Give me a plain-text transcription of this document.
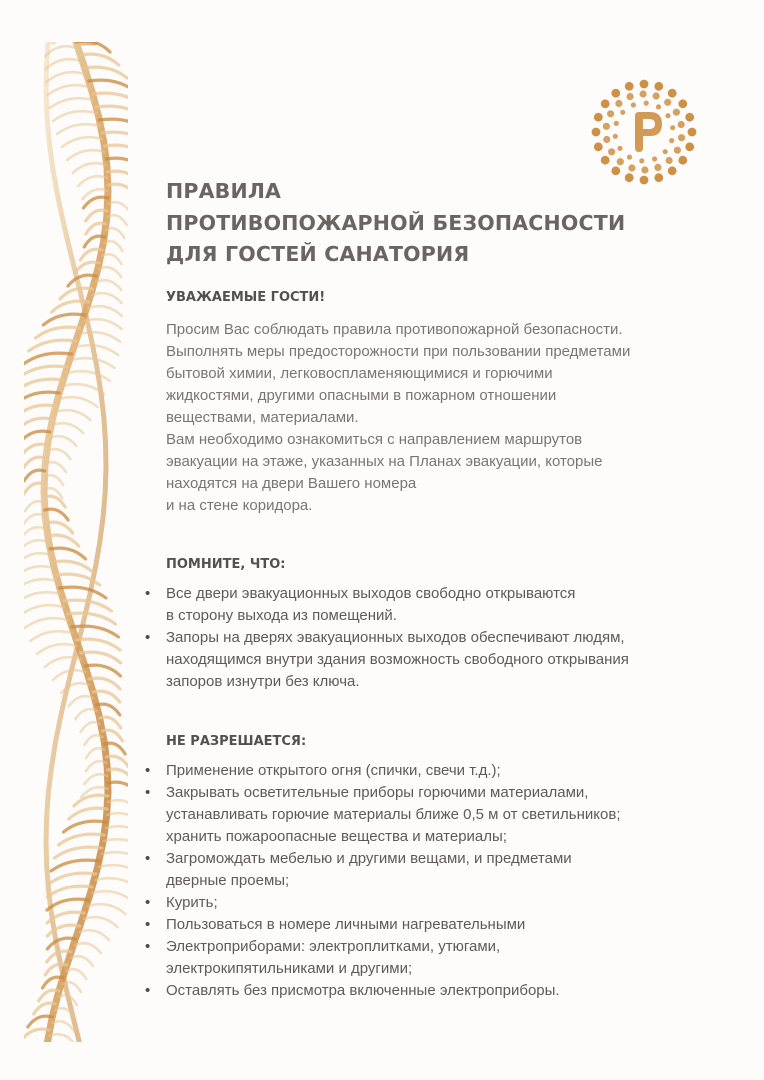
ПРАВИЛА
ПРОТИВОПОЖАРНОЙ БЕЗОПАСНОСТИ
ДЛЯ ГОСТЕЙ САНАТОРИЯ
УВАЖАЕМЫЕ ГОСТИ!

Просим Вас соблюдать правила противопожарной безопасности.
Выполнять меры предосторожности при пользовании предметами
бытовой химии, легковоспламеняющимися и горючими
жидкостями, другими опасными в пожарном отношении
веществами, материалами.
Вам необходимо ознакомиться с направлением маршрутов
эвакуации на этаже, указанных на Планах эвакуации, которые
находятся на двери Вашего номера
и на стене коридора.

ПОМНИТЕ, ЧТО:
• Все двери эвакуационных выходов свободно открываются
в сторону выхода из помещений.
• Запоры на дверях эвакуационных выходов обеспечивают людям,
находящимся внутри здания возможность свободного открывания
запоров изнутри без ключа.
НЕ РАЗРЕШАЕТСЯ:
• Применение открытого огня (спички, свечи т.д.);
• Закрывать осветительные приборы горючими материалами,
устанавливать горючие материалы ближе 0,5 м от светильников;
хранить пожароопасные вещества и материалы;
• Загромождать мебелью и другими вещами, и предметами
дверные проемы;
• Курить;
• Пользоваться в номере личными нагревательными
• Электроприборами: электроплитками, утюгами,
электрокипятильниками и другими;
• Оставлять без присмотра включенные электроприборы.
